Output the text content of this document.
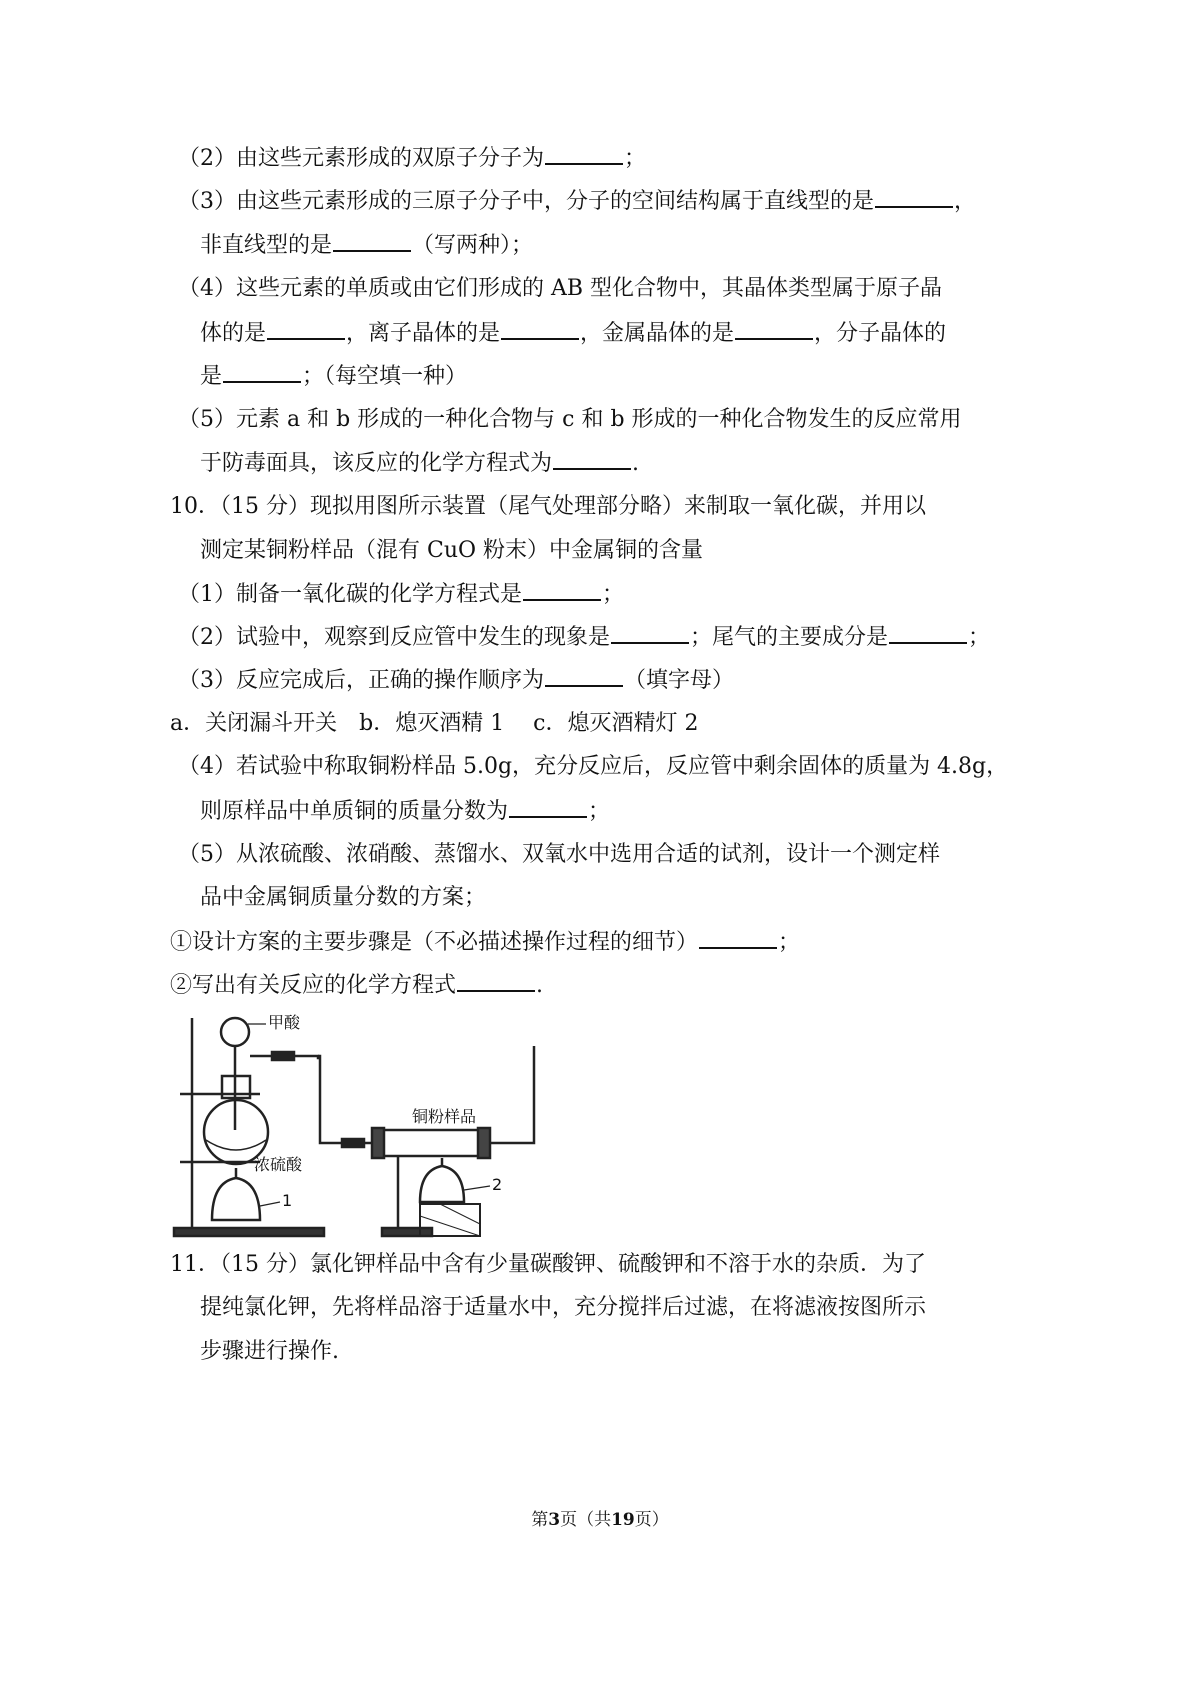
（2）由这些元素形成的双原子分子为	；
（3）由这些元素形成的三原子分子中，分子的空间结构属于直线型的是	，
非直线型的是	（写两种）；
（4）这些元素的单质或由它们形成的 AB 型化合物中，其晶体类型属于原子晶
体的是	，离子晶体的是	，金属晶体的是	，分子晶体的
是	；（每空填一种）
（5）元素 a 和 b 形成的一种化合物与 c 和 b 形成的一种化合物发生的反应常用
于防毒面具，该反应的化学方程式为	.
10．（15 分）现拟用图所示装置（尾气处理部分略）来制取一氧化碳，并用以
测定某铜粉样品（混有 CuO 粉末）中金属铜的含量
（1）制备一氧化碳的化学方程式是	；
（2）试验中，观察到反应管中发生的现象是	；尾气的主要成分是	；
（3）反应完成后，正确的操作顺序为	（填字母）
a．关闭漏斗开关　b．熄灭酒精 1　 c．熄灭酒精灯 2
（4）若试验中称取铜粉样品 5.0g，充分反应后，反应管中剩余固体的质量为 4.8g，
则原样品中单质铜的质量分数为	；
（5）从浓硫酸、浓硝酸、蒸馏水、双氧水中选用合适的试剂，设计一个测定样
品中金属铜质量分数的方案；
①设计方案的主要步骤是（不必描述操作过程的细节）	；
②写出有关反应的化学方程式	.
甲酸
铜粉样品
浓硫酸
1
2
11．（15 分）氯化钾样品中含有少量碳酸钾、硫酸钾和不溶于水的杂质．为了
提纯氯化钾，先将样品溶于适量水中，充分搅拌后过滤，在将滤液按图所示
步骤进行操作.
第3页（共19页）
